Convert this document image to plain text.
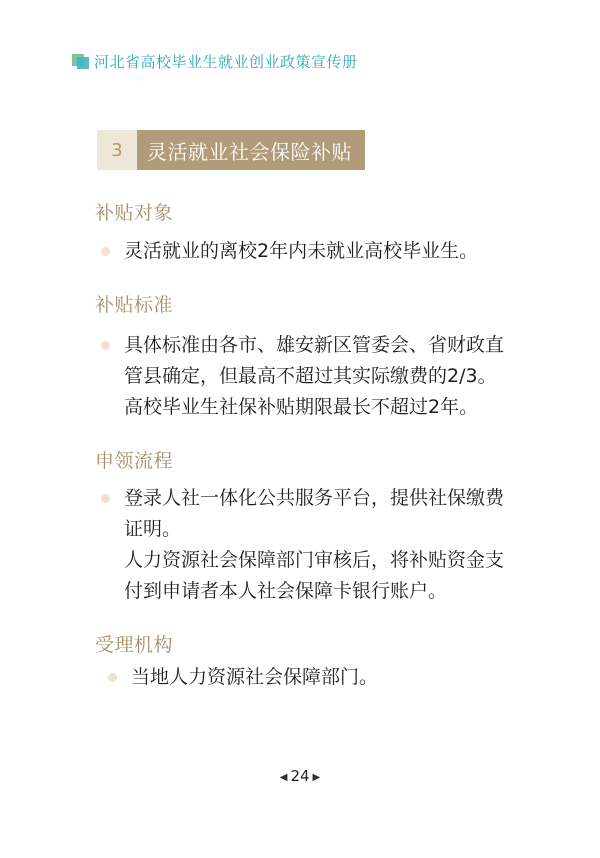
河北省高校毕业生就业创业政策宣传册
3	灵活就业社会保险补贴
补贴对象

灵活就业的离校2年内未就业高校毕业生。

补贴标准

具体标准由各市、雄安新区管委会、省财政直

管县确定，但最高不超过其实际缴费的2/3。

高校毕业生社保补贴期限最长不超过2年。

申领流程

登录人社一体化公共服务平台，提供社保缴费

证明。

人力资源社会保障部门审核后，将补贴资金支

付到申请者本人社会保障卡银行账户。

受理机构

当地人力资源社会保障部门。

◀ 24 ▶
